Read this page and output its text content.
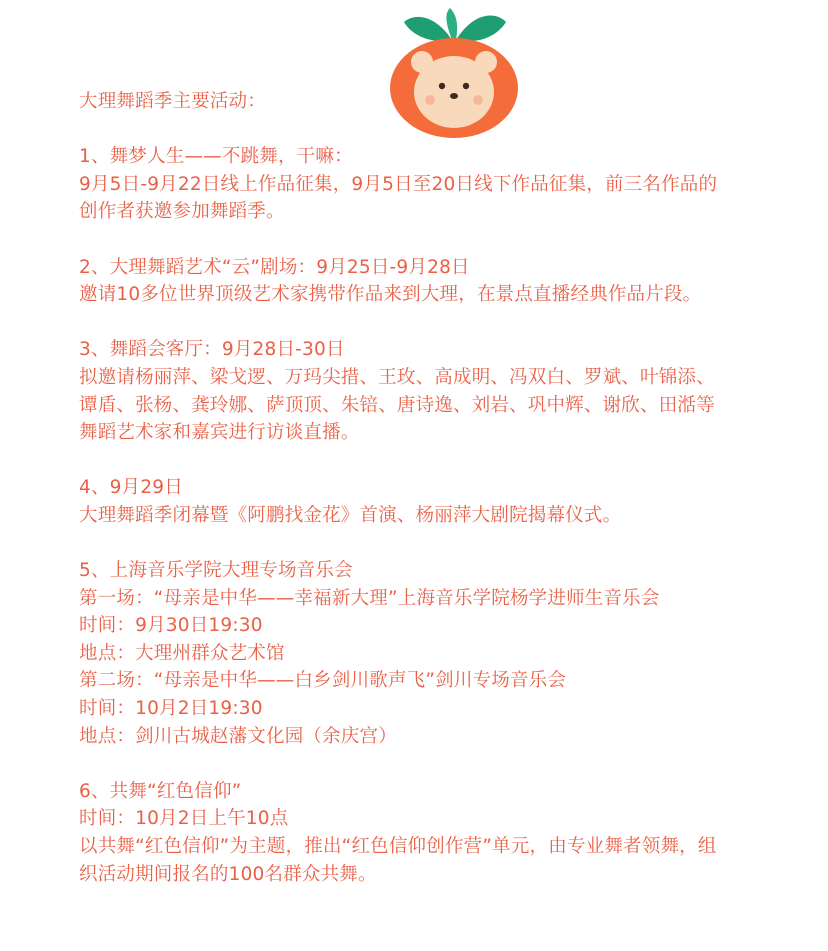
大理舞蹈季主要活动：

1、舞梦人生——不跳舞，干嘛：

9月5日-9月22日线上作品征集，9月5日至20日线下作品征集，前三名作品的

创作者获邀参加舞蹈季。

2、大理舞蹈艺术“云”剧场：9月25日-9月28日

邀请10多位世界顶级艺术家携带作品来到大理，在景点直播经典作品片段。

3、舞蹈会客厅：9月28日-30日

拟邀请杨丽萍、梁戈逻、万玛尖措、王玫、高成明、冯双白、罗斌、叶锦添、

谭盾、张杨、龚玲娜、萨顶顶、朱锫、唐诗逸、刘岩、巩中辉、谢欣、田湉等

舞蹈艺术家和嘉宾进行访谈直播。

4、9月29日

大理舞蹈季闭幕暨《阿鹏找金花》首演、杨丽萍大剧院揭幕仪式。

5、上海音乐学院大理专场音乐会

第一场：“母亲是中华——幸福新大理”上海音乐学院杨学进师生音乐会

时间：9月30日19:30

地点：大理州群众艺术馆

第二场：“母亲是中华——白乡剑川歌声飞”剑川专场音乐会

时间：10月2日19:30

地点：剑川古城赵藩文化园（余庆宫）

6、共舞“红色信仰”

时间：10月2日上午10点

以共舞“红色信仰”为主题，推出“红色信仰创作营”单元，由专业舞者领舞，组

织活动期间报名的100名群众共舞。
